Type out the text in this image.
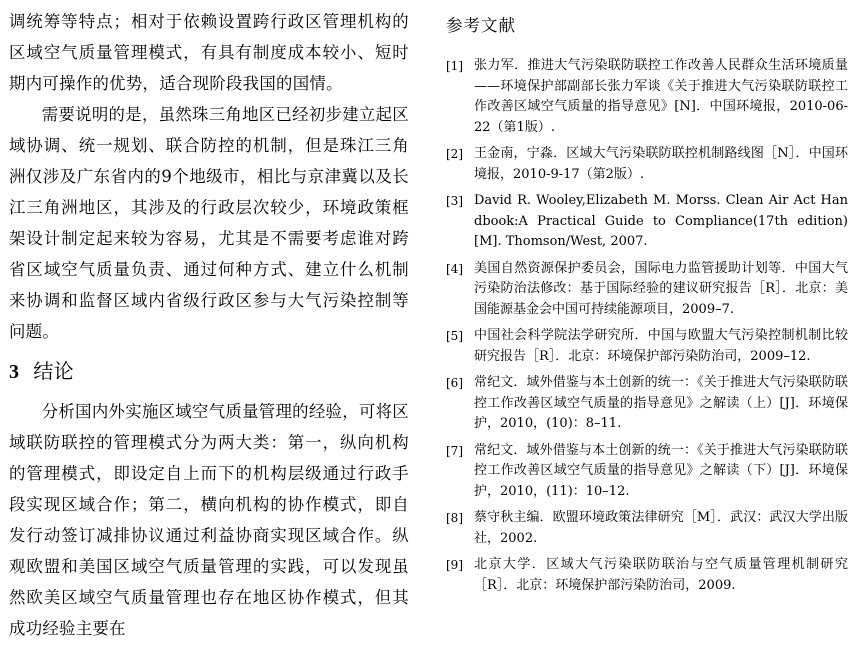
调统筹等特点；相对于依赖设置跨行政区管理机构的区域空气质量管理模式，有具有制度成本较小、短时期内可操作的优势，适合现阶段我国的国情。

需要说明的是，虽然珠三角地区已经初步建立起区域协调、统一规划、联合防控的机制，但是珠江三角洲仅涉及广东省内的9个地级市，相比与京津冀以及长江三角洲地区，其涉及的行政层次较少，环境政策框架设计制定起来较为容易，尤其是不需要考虑谁对跨省区域空气质量负责、通过何种方式、建立什么机制来协调和监督区域内省级行政区参与大气污染控制等问题。

3 结论

分析国内外实施区域空气质量管理的经验，可将区域联防联控的管理模式分为两大类：第一，纵向机构的管理模式，即设定自上而下的机构层级通过行政手段实现区域合作；第二，横向机构的协作模式，即自发行动签订减排协议通过利益协商实现区域合作。纵观欧盟和美国区域空气质量管理的实践，可以发现虽然欧美区域空气质量管理也存在地区协作模式，但其成功经验主要在

参考文献
[1] 张力军．推进大气污染联防联控工作改善人民群众生活环境质量——环境保护部副部长张力军谈《关于推进大气污染联防联控工作改善区域空气质量的指导意见》[N]．中国环境报，2010-06-22（第1版）.
[2] 王金南，宁淼．区域大气污染联防联控机制路线图［N］．中国环境报，2010-9-17（第2版）.
[3] David R. Wooley,Elizabeth M. Morss. Clean Air Act Handbook:A Practical Guide to Compliance(17th edition) [M]. Thomson/West, 2007.
[4] 美国自然资源保护委员会，国际电力监管援助计划等．中国大气污染防治法修改：基于国际经验的建议研究报告［R］．北京：美国能源基金会中国可持续能源项目，2009–7.
[5] 中国社会科学院法学研究所．中国与欧盟大气污染控制机制比较研究报告［R］．北京：环境保护部污染防治司，2009–12.
[6] 常纪文．域外借鉴与本土创新的统一：《关于推进大气污染联防联控工作改善区域空气质量的指导意见》之解读（上）[J]．环境保护，2010，(10)：8–11.
[7] 常纪文．域外借鉴与本土创新的统一：《关于推进大气污染联防联控工作改善区域空气质量的指导意见》之解读（下）[J]．环境保护，2010，(11)：10–12.
[8] 蔡守秋主编．欧盟环境政策法律研究［M］．武汉：武汉大学出版社，2002.
[9] 北京大学．区域大气污染联防联治与空气质量管理机制研究［R］．北京：环境保护部污染防治司，2009.
